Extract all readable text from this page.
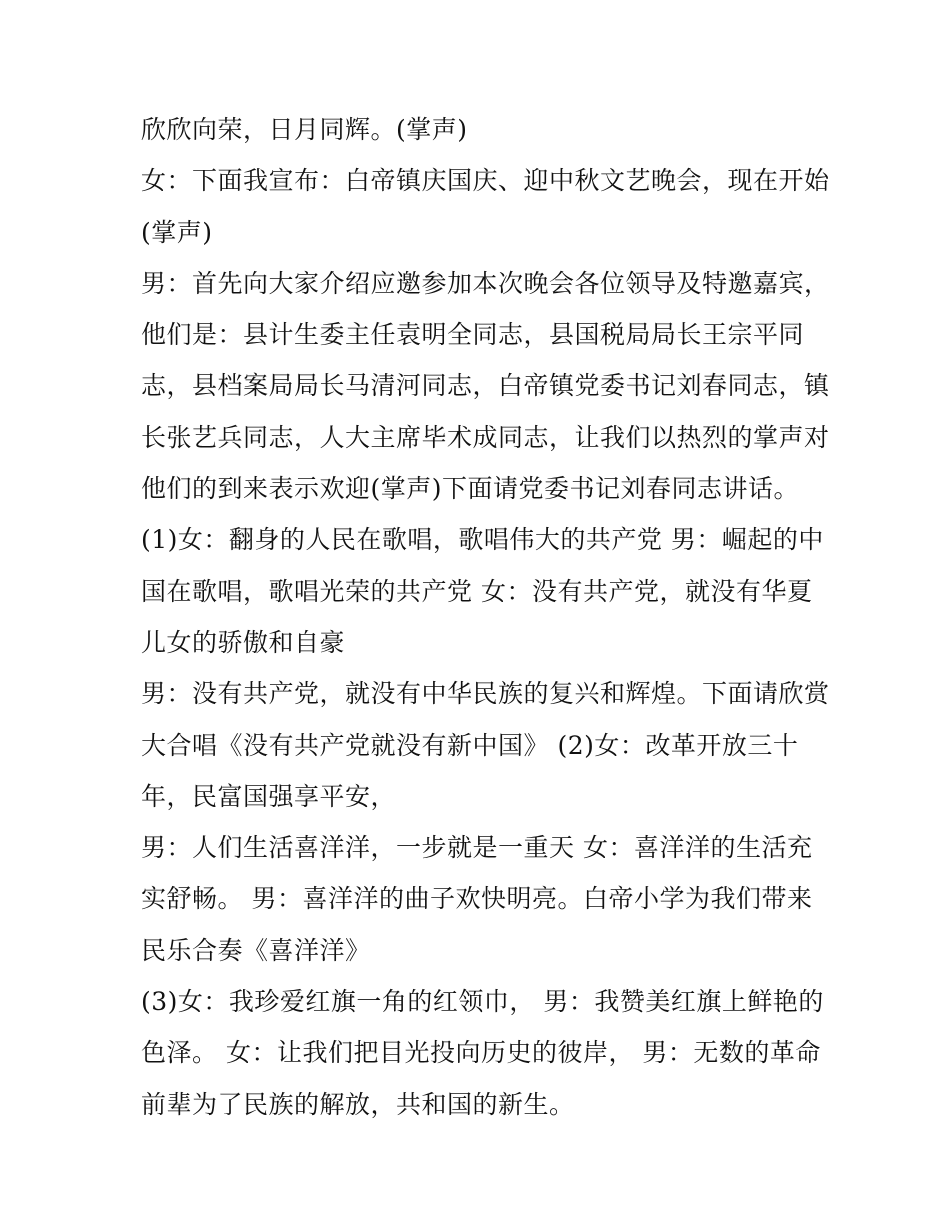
欣欣向荣，日月同辉。(掌声)
女：下面我宣布：白帝镇庆国庆、迎中秋文艺晚会，现在开始
(掌声)
男：首先向大家介绍应邀参加本次晚会各位领导及特邀嘉宾，
他们是：县计生委主任袁明全同志，县国税局局长王宗平同
志，县档案局局长马清河同志，白帝镇党委书记刘春同志，镇
长张艺兵同志，人大主席毕术成同志，让我们以热烈的掌声对
他们的到来表示欢迎(掌声)下面请党委书记刘春同志讲话。
(1)女：翻身的人民在歌唱，歌唱伟大的共产党 男：崛起的中
国在歌唱，歌唱光荣的共产党 女：没有共产党，就没有华夏
儿女的骄傲和自豪
男：没有共产党，就没有中华民族的复兴和辉煌。下面请欣赏
大合唱《没有共产党就没有新中国》 (2)女：改革开放三十
年，民富国强享平安，
男：人们生活喜洋洋，一步就是一重天 女：喜洋洋的生活充
实舒畅。 男：喜洋洋的曲子欢快明亮。白帝小学为我们带来
民乐合奏《喜洋洋》
(3)女：我珍爱红旗一角的红领巾， 男：我赞美红旗上鲜艳的
色泽。 女：让我们把目光投向历史的彼岸， 男：无数的革命
前辈为了民族的解放，共和国的新生。
